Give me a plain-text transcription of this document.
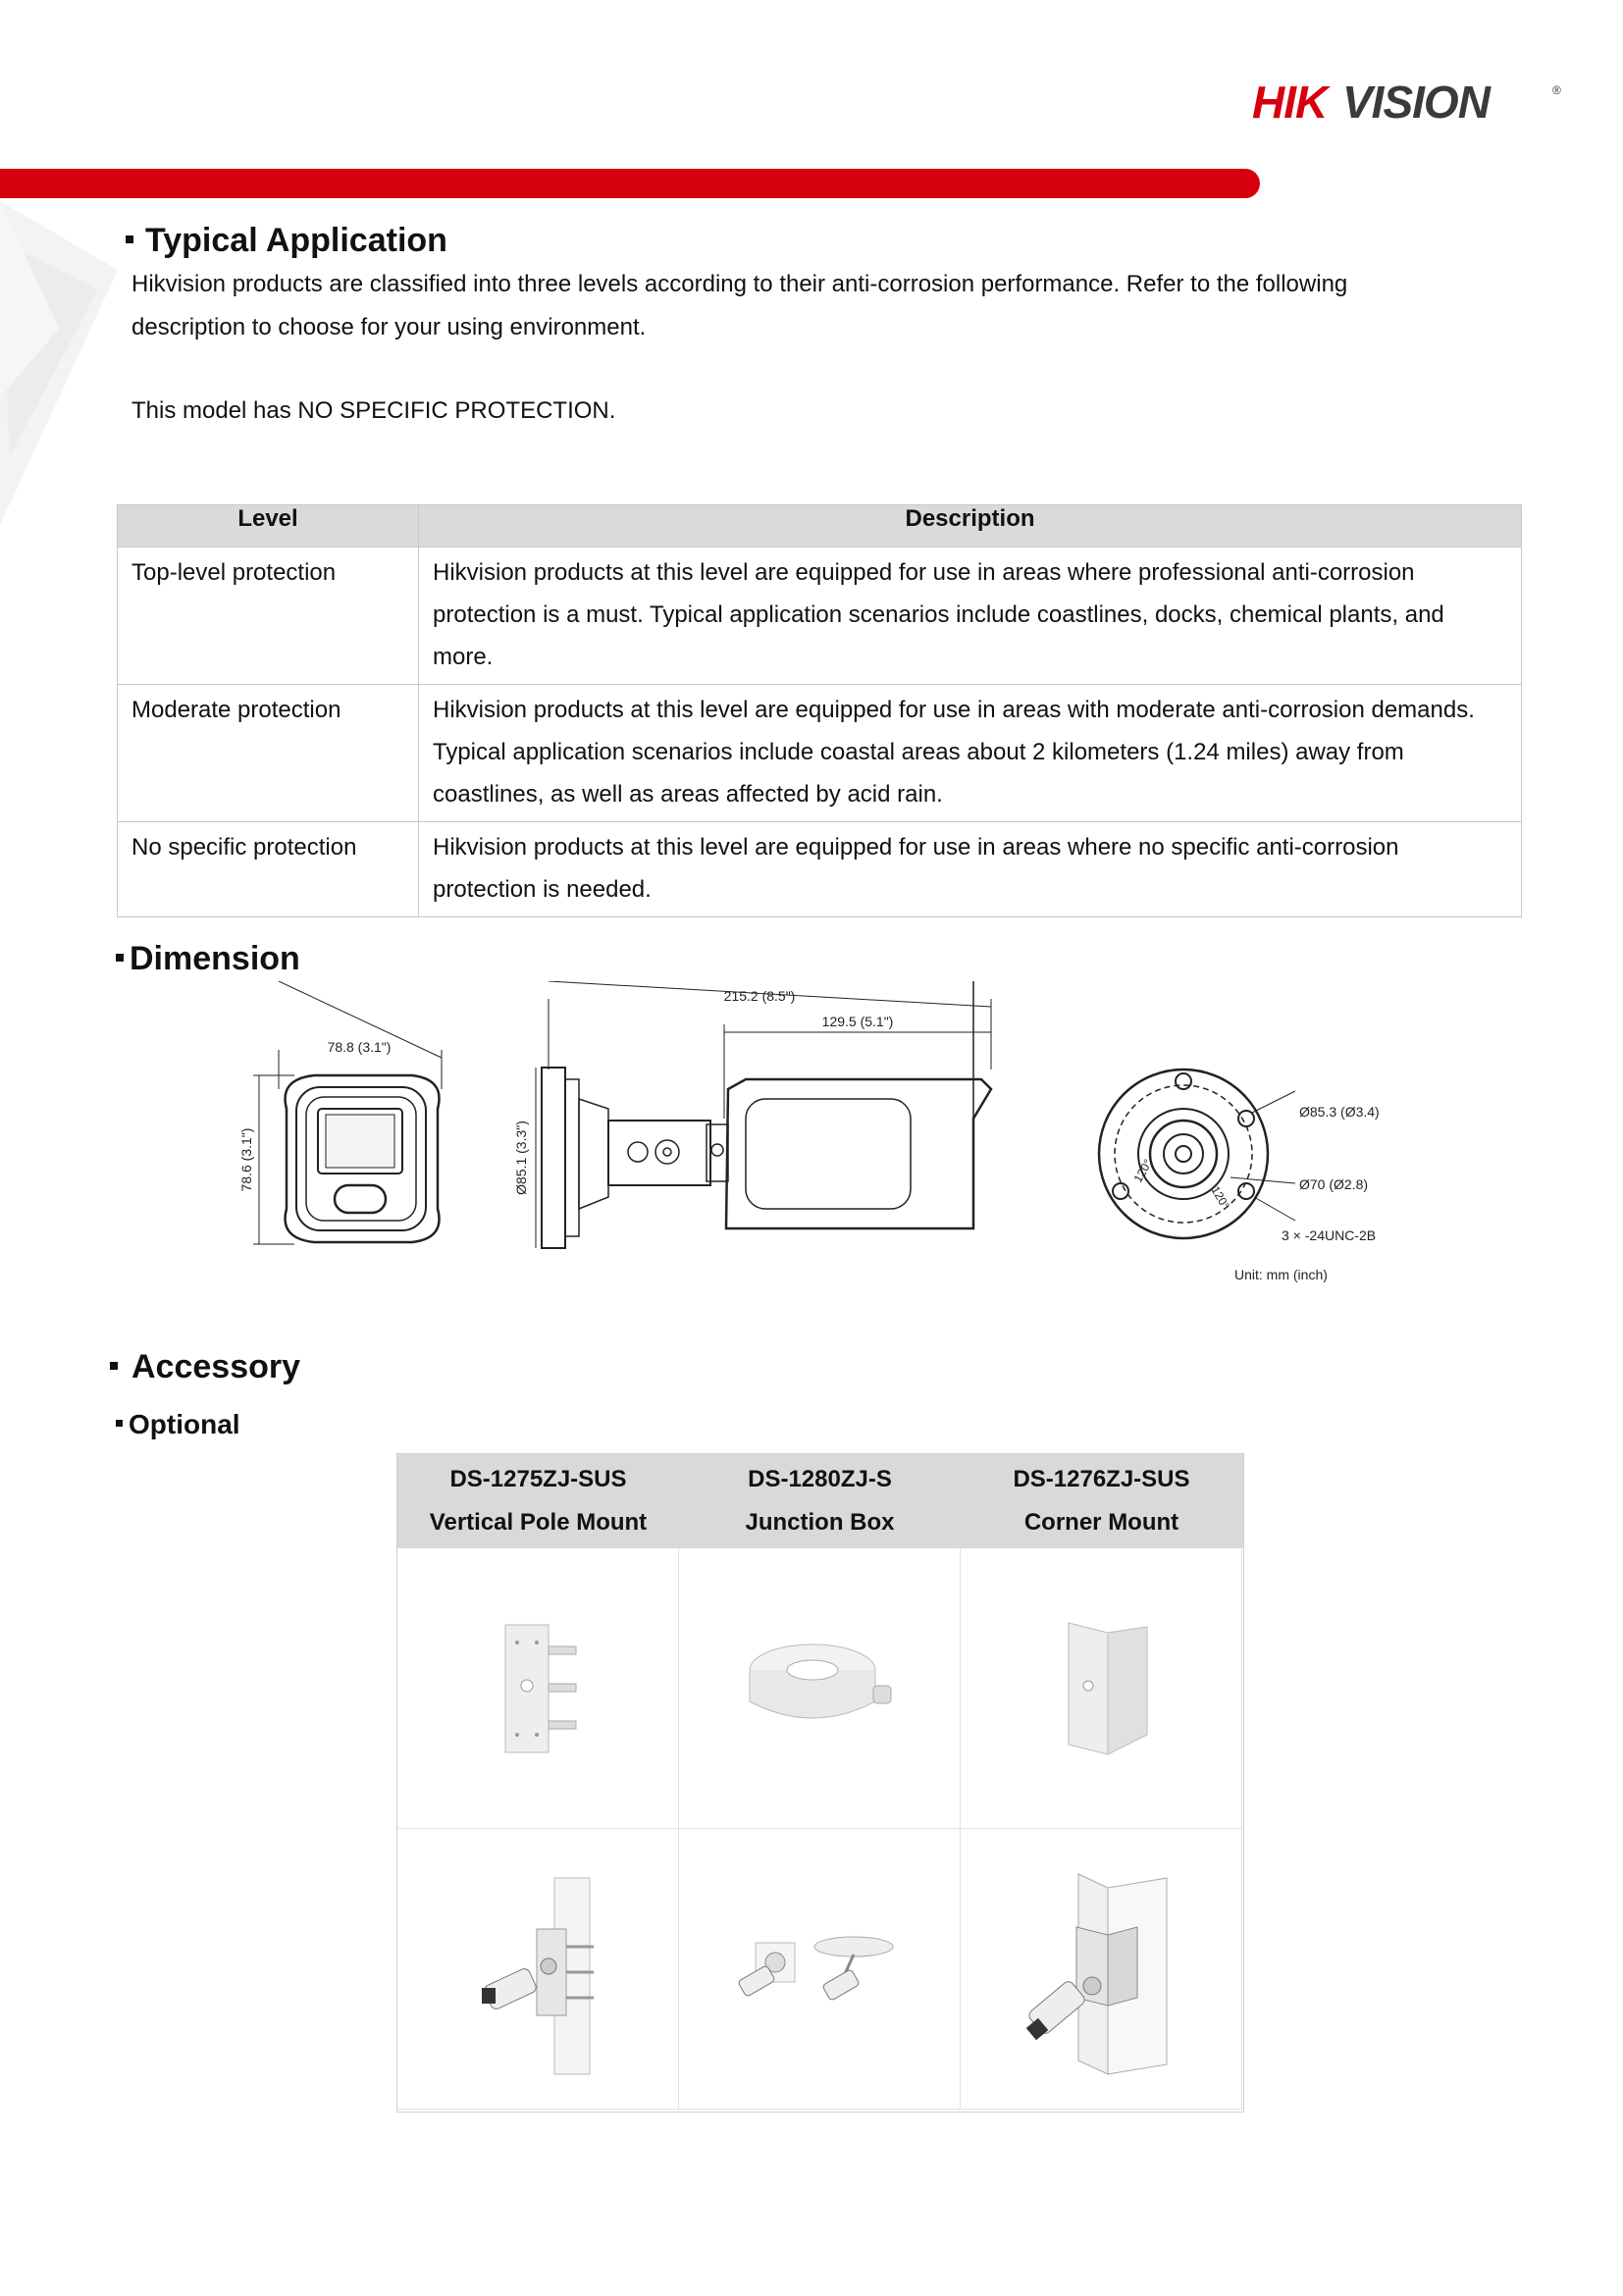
HIK VISION	®
Typical Application
Hikvision products are classified into three levels according to their anti-corrosion performance. Refer to the following
description to choose for your using environment.
This model has NO SPECIFIC PROTECTION.
Level	Description
Top-level protection	Hikvision products at this level are equipped for use in areas where professional anti-corrosion protection is a must. Typical application scenarios include coastlines, docks, chemical plants, and more.
Moderate protection	Hikvision products at this level are equipped for use in areas with moderate anti-corrosion demands. Typical application scenarios include coastal areas about 2 kilometers (1.24 miles) away from coastlines, as well as areas affected by acid rain.
No specific protection	Hikvision products at this level are equipped for use in areas where no specific anti-corrosion protection is needed.
Dimension
78.8 (3.1")
78.6 (3.1")
215.2 (8.5")
129.5 (5.1")
Ø85.1 (3.3")	120°
120°
Ø85.3 (Ø3.4)
Ø70 (Ø2.8)
3 × -24UNC-2B
Unit: mm (inch)
Accessory
Optional
DS-1275ZJ-SUS
Vertical Pole Mount
DS-1280ZJ-S
Junction Box
DS-1276ZJ-SUS
Corner Mount
